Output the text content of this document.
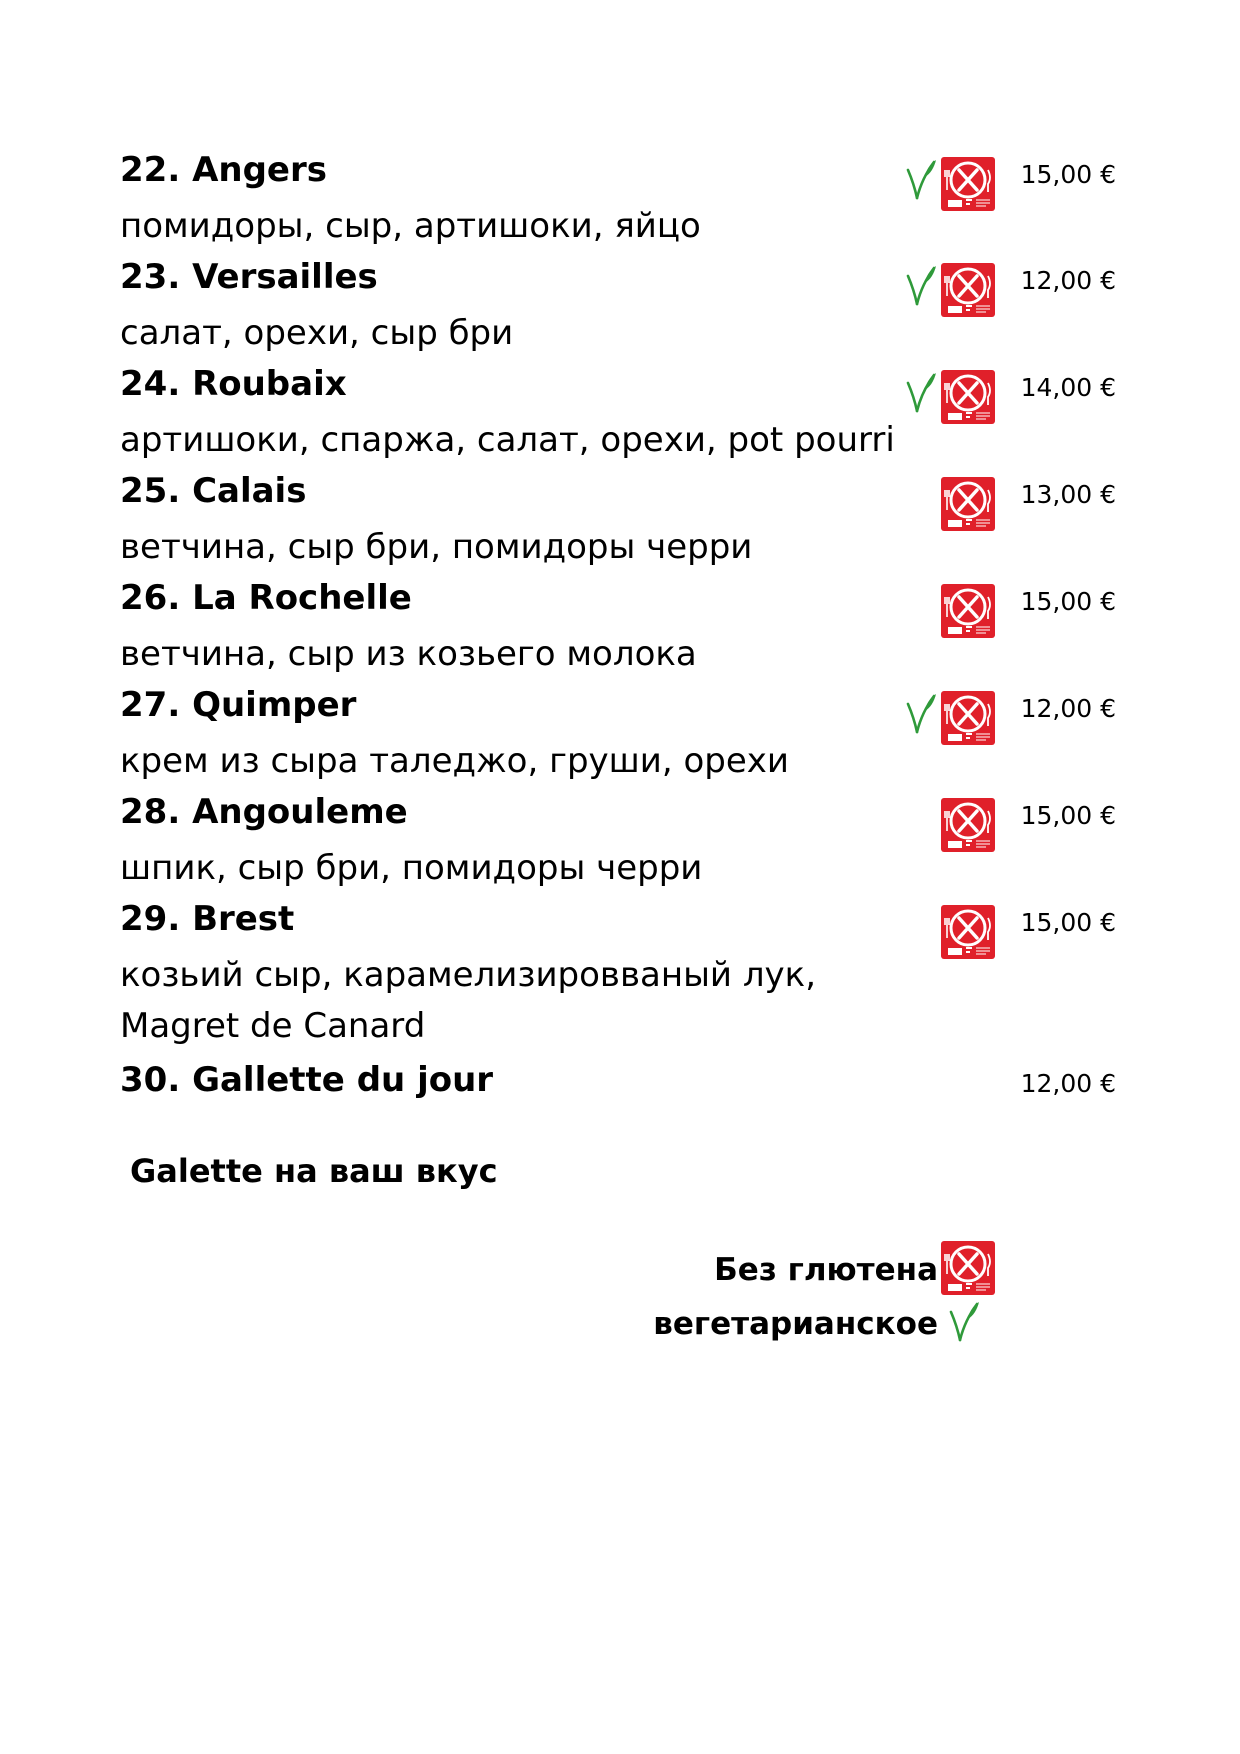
22. Angers	15,00 €
помидоры, сыр, артишоки, яйцо
23. Versailles	12,00 €
салат, орехи, сыр бри
24. Roubaix	14,00 €
артишоки, спаржа, салат, орехи, pot pourri
25. Calais	13,00 €
ветчина, сыр бри, помидоры черри
26. La Rochelle	15,00 €
ветчина, сыр из козьего молока
27. Quimper	12,00 €
крем из сыра таледжо, груши, орехи
28. Angouleme	15,00 €
шпик, сыр бри, помидоры черри
29. Brest	15,00 €
козьий сыр, карамелизировваный лук,
Magret de Canard
30. Gallette du jour	12,00 €
Galette на ваш вкус
Без глютена
вегетарианское
